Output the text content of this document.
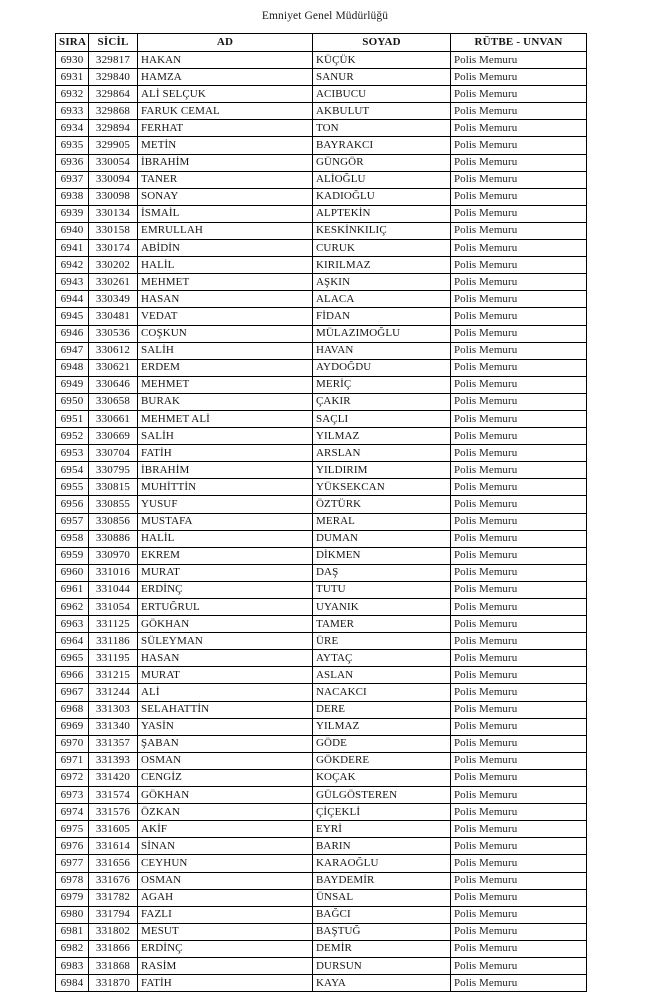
Emniyet Genel Müdürlüğü
SIRA	SİCİL	AD	SOYAD	RÜTBE - UNVAN
6930	329817	HAKAN	KÜÇÜK	Polis Memuru
6931	329840	HAMZA	SANUR	Polis Memuru
6932	329864	ALİ SELÇUK	ACIBUCU	Polis Memuru
6933	329868	FARUK CEMAL	AKBULUT	Polis Memuru
6934	329894	FERHAT	TON	Polis Memuru
6935	329905	METİN	BAYRAKCI	Polis Memuru
6936	330054	İBRAHİM	GÜNGÖR	Polis Memuru
6937	330094	TANER	ALİOĞLU	Polis Memuru
6938	330098	SONAY	KADIOĞLU	Polis Memuru
6939	330134	İSMAİL	ALPTEKİN	Polis Memuru
6940	330158	EMRULLAH	KESKİNKILIÇ	Polis Memuru
6941	330174	ABİDİN	CURUK	Polis Memuru
6942	330202	HALİL	KIRILMAZ	Polis Memuru
6943	330261	MEHMET	AŞKIN	Polis Memuru
6944	330349	HASAN	ALACA	Polis Memuru
6945	330481	VEDAT	FİDAN	Polis Memuru
6946	330536	COŞKUN	MÜLAZIMOĞLU	Polis Memuru
6947	330612	SALİH	HAVAN	Polis Memuru
6948	330621	ERDEM	AYDOĞDU	Polis Memuru
6949	330646	MEHMET	MERİÇ	Polis Memuru
6950	330658	BURAK	ÇAKIR	Polis Memuru
6951	330661	MEHMET ALİ	SAÇLI	Polis Memuru
6952	330669	SALİH	YILMAZ	Polis Memuru
6953	330704	FATİH	ARSLAN	Polis Memuru
6954	330795	İBRAHİM	YILDIRIM	Polis Memuru
6955	330815	MUHİTTİN	YÜKSEKCAN	Polis Memuru
6956	330855	YUSUF	ÖZTÜRK	Polis Memuru
6957	330856	MUSTAFA	MERAL	Polis Memuru
6958	330886	HALİL	DUMAN	Polis Memuru
6959	330970	EKREM	DİKMEN	Polis Memuru
6960	331016	MURAT	DAŞ	Polis Memuru
6961	331044	ERDİNÇ	TUTU	Polis Memuru
6962	331054	ERTUĞRUL	UYANIK	Polis Memuru
6963	331125	GÖKHAN	TAMER	Polis Memuru
6964	331186	SÜLEYMAN	ÜRE	Polis Memuru
6965	331195	HASAN	AYTAÇ	Polis Memuru
6966	331215	MURAT	ASLAN	Polis Memuru
6967	331244	ALİ	NACAKCI	Polis Memuru
6968	331303	SELAHATTİN	DERE	Polis Memuru
6969	331340	YASİN	YILMAZ	Polis Memuru
6970	331357	ŞABAN	GÖDE	Polis Memuru
6971	331393	OSMAN	GÖKDERE	Polis Memuru
6972	331420	CENGİZ	KOÇAK	Polis Memuru
6973	331574	GÖKHAN	GÜLGÖSTEREN	Polis Memuru
6974	331576	ÖZKAN	ÇİÇEKLİ	Polis Memuru
6975	331605	AKİF	EYRİ	Polis Memuru
6976	331614	SİNAN	BARIN	Polis Memuru
6977	331656	CEYHUN	KARAOĞLU	Polis Memuru
6978	331676	OSMAN	BAYDEMİR	Polis Memuru
6979	331782	AGAH	ÜNSAL	Polis Memuru
6980	331794	FAZLI	BAĞCI	Polis Memuru
6981	331802	MESUT	BAŞTUĞ	Polis Memuru
6982	331866	ERDİNÇ	DEMİR	Polis Memuru
6983	331868	RASİM	DURSUN	Polis Memuru
6984	331870	FATİH	KAYA	Polis Memuru
